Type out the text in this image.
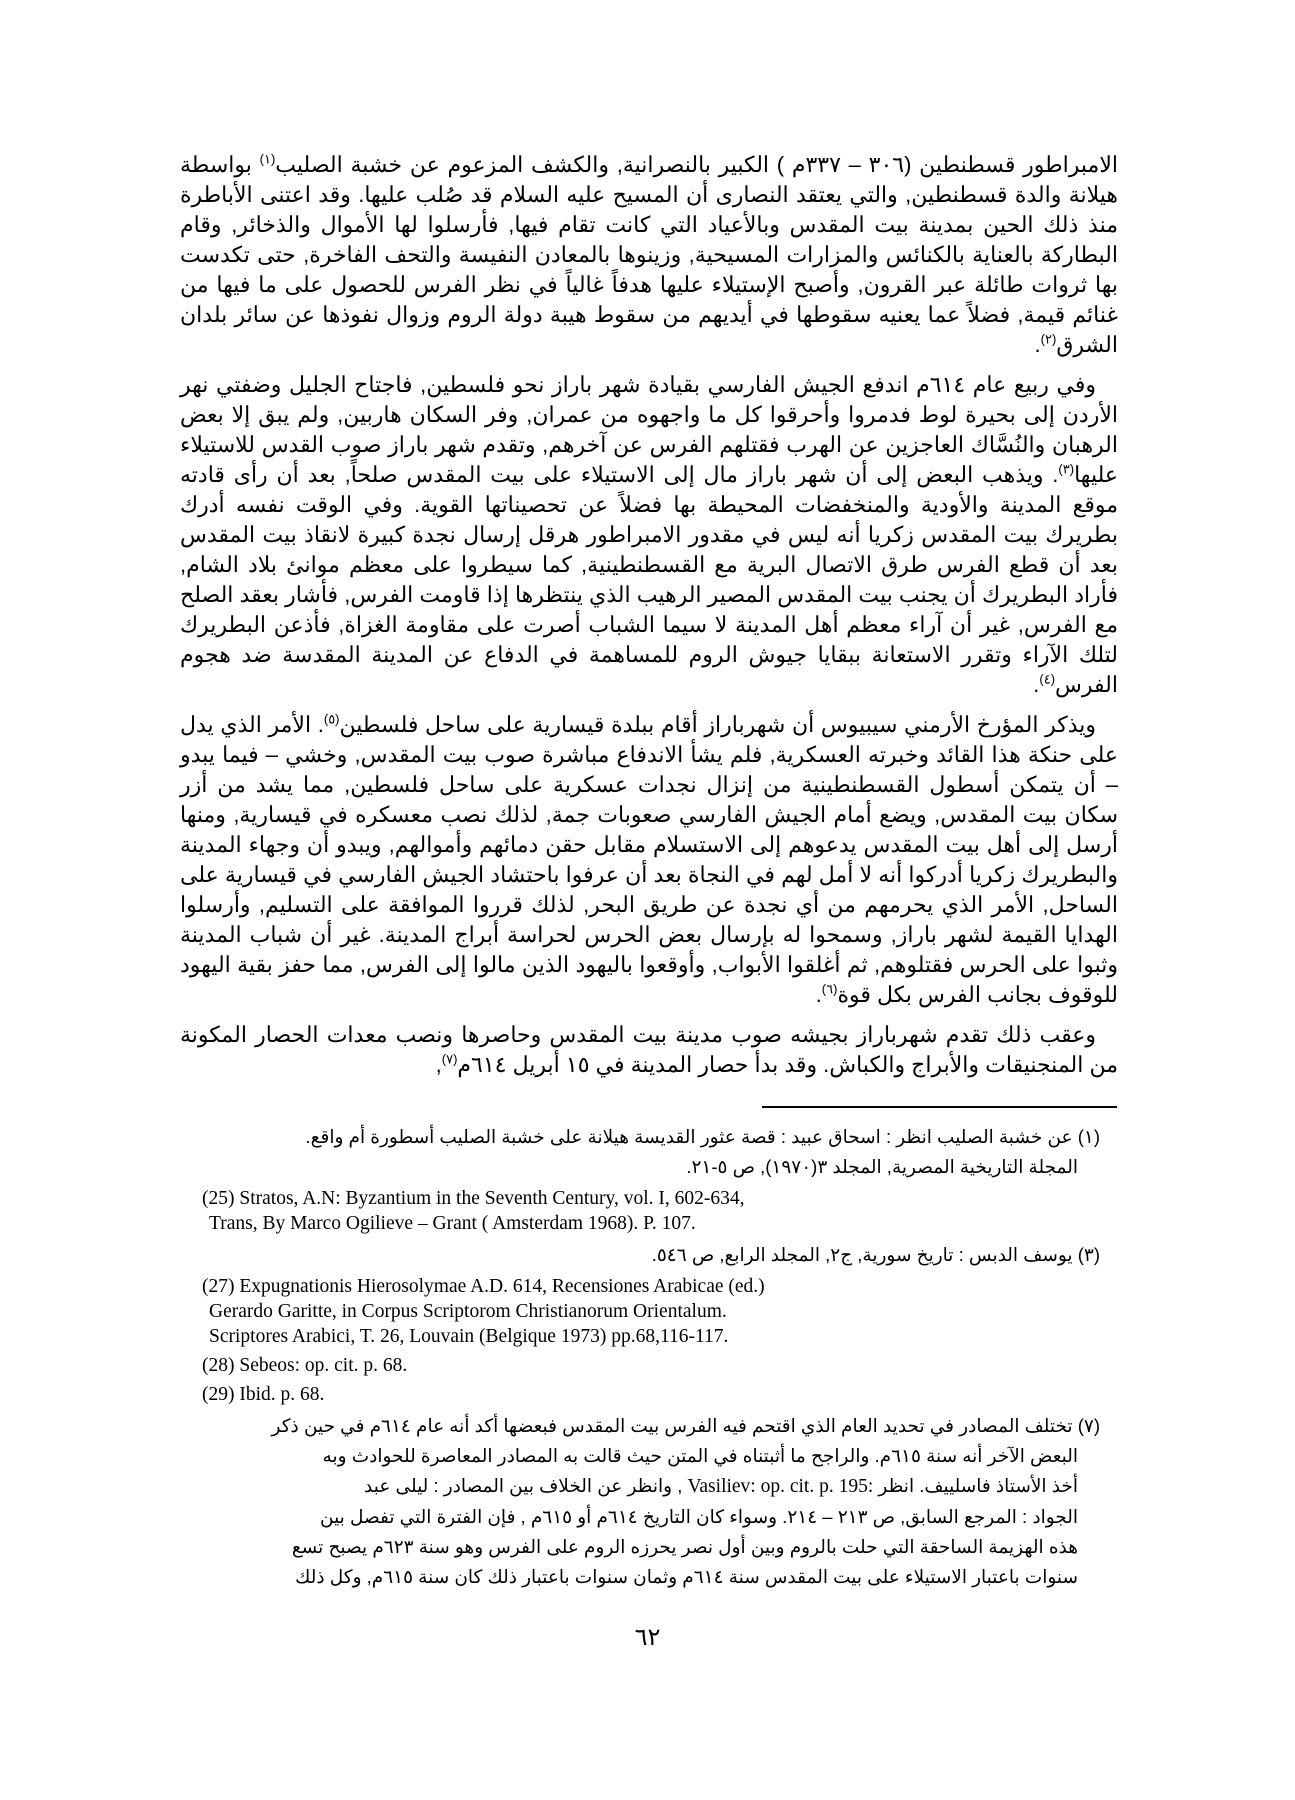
الامبراطور قسطنطين (٣٠٦ – ٣٣٧م ) الكبير بالنصرانية, والكشف المزعوم عن خشبة الصليب$^{(١)}$ بواسطة هيلانة والدة قسطنطين, والتي يعتقد النصارى أن المسيح عليه السلام قد صُلب عليها. وقد اعتنى الأباطرة منذ ذلك الحين بمدينة بيت المقدس وبالأعياد التي كانت تقام فيها, فأرسلوا لها الأموال والذخائر, وقام البطاركة بالعناية بالكنائس والمزارات المسيحية, وزينوها بالمعادن النفيسة والتحف الفاخرة, حتى تكدست بها ثروات طائلة عبر القرون, وأصبح الإستيلاء عليها هدفاً غالياً في نظر الفرس للحصول على ما فيها من غنائم قيمة, فضلاً عما يعنيه سقوطها في أيديهم من سقوط هيبة دولة الروم وزوال نفوذها عن سائر بلدان الشرق$^{(٢)}$.

وفي ربيع عام ٦١٤م اندفع الجيش الفارسي بقيادة شهر باراز نحو فلسطين, فاجتاح الجليل وضفتي نهر الأردن إلى بحيرة لوط فدمروا وأحرقوا كل ما واجهوه من عمران, وفر السكان هاربين, ولم يبق إلا بعض الرهبان والنُسَّاك العاجزين عن الهرب فقتلهم الفرس عن آخرهم, وتقدم شهر باراز صوب القدس للاستيلاء عليها$^{(٣)}$. ويذهب البعض إلى أن شهر باراز مال إلى الاستيلاء على بيت المقدس صلحاً, بعد أن رأى قادته موقع المدينة والأودية والمنخفضات المحيطة بها فضلاً عن تحصيناتها القوية. وفي الوقت نفسه أدرك بطريرك بيت المقدس زكريا أنه ليس في مقدور الامبراطور هرقل إرسال نجدة كبيرة لانقاذ بيت المقدس بعد أن قطع الفرس طرق الاتصال البرية مع القسطنطينية, كما سيطروا على معظم موانئ بلاد الشام, فأراد البطريرك أن يجنب بيت المقدس المصير الرهيب الذي ينتظرها إذا قاومت الفرس, فأشار بعقد الصلح مع الفرس, غير أن آراء معظم أهل المدينة لا سيما الشباب أصرت على مقاومة الغزاة, فأذعن البطريرك لتلك الآراء وتقرر الاستعانة ببقايا جيوش الروم للمساهمة في الدفاع عن المدينة المقدسة ضد هجوم الفرس$^{(٤)}$.

ويذكر المؤرخ الأرمني سيبيوس أن شهرباراز أقام ببلدة قيسارية على ساحل فلسطين$^{(٥)}$. الأمر الذي يدل على حنكة هذا القائد وخبرته العسكرية, فلم يشأ الاندفاع مباشرة صوب بيت المقدس, وخشي – فيما يبدو – أن يتمكن أسطول القسطنطينية من إنزال نجدات عسكرية على ساحل فلسطين, مما يشد من أزر سكان بيت المقدس, ويضع أمام الجيش الفارسي صعوبات جمة, لذلك نصب معسكره في قيسارية, ومنها أرسل إلى أهل بيت المقدس يدعوهم إلى الاستسلام مقابل حقن دمائهم وأموالهم, ويبدو أن وجهاء المدينة والبطريرك زكريا أدركوا أنه لا أمل لهم في النجاة بعد أن عرفوا باحتشاد الجيش الفارسي في قيسارية على الساحل, الأمر الذي يحرمهم من أي نجدة عن طريق البحر, لذلك قرروا الموافقة على التسليم, وأرسلوا الهدايا القيمة لشهر باراز, وسمحوا له بإرسال بعض الحرس لحراسة أبراج المدينة. غير أن شباب المدينة وثبوا على الحرس فقتلوهم, ثم أغلقوا الأبواب, وأوقعوا باليهود الذين مالوا إلى الفرس, مما حفز بقية اليهود للوقوف بجانب الفرس بكل قوة$^{(٦)}$.

وعقب ذلك تقدم شهرباراز بجيشه صوب مدينة بيت المقدس وحاصرها ونصب معدات الحصار المكونة من المنجنيقات والأبراج والكباش. وقد بدأ حصار المدينة في ١٥ أبريل ٦١٤م$^{(٧)}$,

(١) عن خشبة الصليب انظر : اسحاق عبيد : قصة عثور القديسة هيلانة على خشبة الصليب أسطورة أم واقع.
المجلة التاريخية المصرية, المجلد ٣(١٩٧٠), ص ٥-٢١.
(25) Stratos, A.N: Byzantium in the Seventh Century, vol. I, 602-634,
Trans, By Marco Ogilieve – Grant ( Amsterdam 1968). P. 107.
(٣) يوسف الدبس : تاريخ سورية, ج٢, المجلد الرابع, ص ٥٤٦.
(27) Expugnationis Hierosolymae A.D. 614, Recensiones Arabicae (ed.)
Gerardo Garitte, in Corpus Scriptorom Christianorum Orientalum.
Scriptores Arabici, T. 26, Louvain (Belgique 1973) pp.68,116-117.
(28) Sebeos: op. cit. p. 68.
(29) Ibid. p. 68.
(٧) تختلف المصادر في تحديد العام الذي اقتحم فيه الفرس بيت المقدس فبعضها أكد أنه عام ٦١٤م في حين ذكر
البعض الآخر أنه سنة ٦١٥م. والراجح ما أثبتناه في المتن حيث قالت به المصادر المعاصرة للحوادث وبه
أخذ الأستاذ فاسلييف. انظر Vasiliev: op. cit. p. 195: , وانظر عن الخلاف بين المصادر : ليلى عبد
الجواد : المرجع السابق, ص ٢١٣ – ٢١٤. وسواء كان التاريخ ٦١٤م أو ٦١٥م , فإن الفترة التي تفصل بين
هذه الهزيمة الساحقة التي حلت بالروم وبين أول نصر يحرزه الروم على الفرس وهو سنة ٦٢٣م يصبح تسع
سنوات باعتبار الاستيلاء على بيت المقدس سنة ٦١٤م وثمان سنوات باعتبار ذلك كان سنة ٦١٥م, وكل ذلك
٦٢
